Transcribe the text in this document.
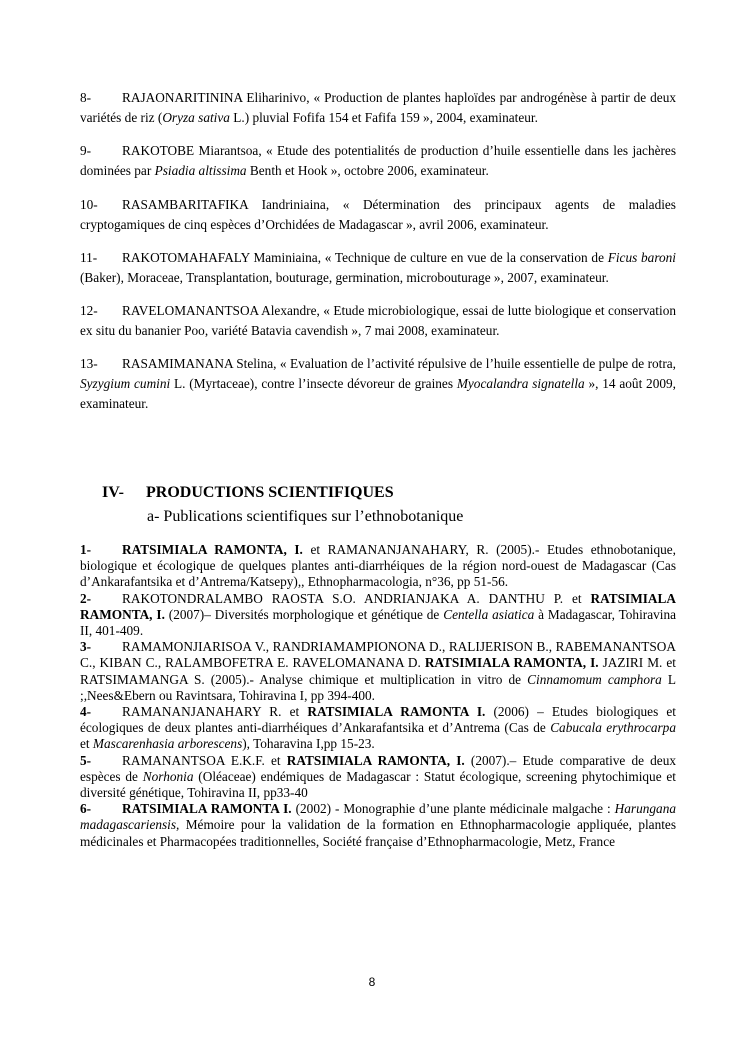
8- RAJAONARITININA Eliharinivo, « Production de plantes haploïdes par androgénèse à partir de deux variétés de riz (Oryza sativa L.) pluvial Fofifa 154 et Fafifa 159 », 2004, examinateur.

9- RAKOTOBE Miarantsoa, « Etude des potentialités de production d’huile essentielle dans les jachères dominées par Psiadia altissima Benth et Hook », octobre 2006, examinateur.

10- RASAMBARITAFIKA Iandriniaina, « Détermination des principaux agents de maladies cryptogamiques de cinq espèces d’Orchidées de Madagascar », avril 2006, examinateur.

11- RAKOTOMAHAFALY Maminiaina, « Technique de culture en vue de la conservation de Ficus baroni (Baker), Moraceae, Transplantation, bouturage, germination, microbouturage », 2007, examinateur.

12- RAVELOMANANTSOA Alexandre, « Etude microbiologique, essai de lutte biologique et conservation ex situ du bananier Poo, variété Batavia cavendish », 7 mai 2008, examinateur.

13- RASAMIMANANA Stelina, « Evaluation de l’activité répulsive de l’huile essentielle de pulpe de rotra, Syzygium cumini L. (Myrtaceae), contre l’insecte dévoreur de graines Myocalandra signatella », 14 août 2009, examinateur.

IV- PRODUCTIONS SCIENTIFIQUES
a- Publications scientifiques sur l’ethnobotanique
1- RATSIMIALA RAMONTA, I. et RAMANANJANAHARY, R. (2005).- Etudes ethnobotanique, biologique et écologique de quelques plantes anti-diarrhéiques de la région nord-ouest de Madagascar (Cas d’Ankarafantsika et d’Antrema/Katsepy),, Ethnopharmacologia, n°36, pp 51-56.
2- RAKOTONDRALAMBO RAOSTA S.O. ANDRIANJAKA A. DANTHU P. et RATSIMIALA RAMONTA, I. (2007)– Diversités morphologique et génétique de Centella asiatica à Madagascar, Tohiravina II, 401-409.
3- RAMAMONJIARISOA V., RANDRIAMAMPIONONA D., RALIJERISON B., RABEMANANTSOA C., KIBAN C., RALAMBOFETRA E. RAVELOMANANA D. RATSIMIALA RAMONTA, I. JAZIRI M. et RATSIMAMANGA S. (2005).- Analyse chimique et multiplication in vitro de Cinnamomum camphora L ;,Nees&Ebern ou Ravintsara, Tohiravina I, pp 394-400.
4- RAMANANJANAHARY R. et RATSIMIALA RAMONTA I. (2006) – Etudes biologiques et écologiques de deux plantes anti-diarrhéiques d’Ankarafantsika et d’Antrema (Cas de Cabucala erythrocarpa et Mascarenhasia arborescens), Toharavina I,pp 15-23.
5- RAMANANTSOA E.K.F. et RATSIMIALA RAMONTA, I. (2007).– Etude comparative de deux espèces de Norhonia (Oléaceae) endémiques de Madagascar : Statut écologique, screening phytochimique et diversité génétique, Tohiravina II, pp33-40
6- RATSIMIALA RAMONTA I. (2002) - Monographie d’une plante médicinale malgache : Harungana madagascariensis, Mémoire pour la validation de la formation en Ethnopharmacologie appliquée, plantes médicinales et Pharmacopées traditionnelles, Société française d’Ethnopharmacologie, Metz, France
8
